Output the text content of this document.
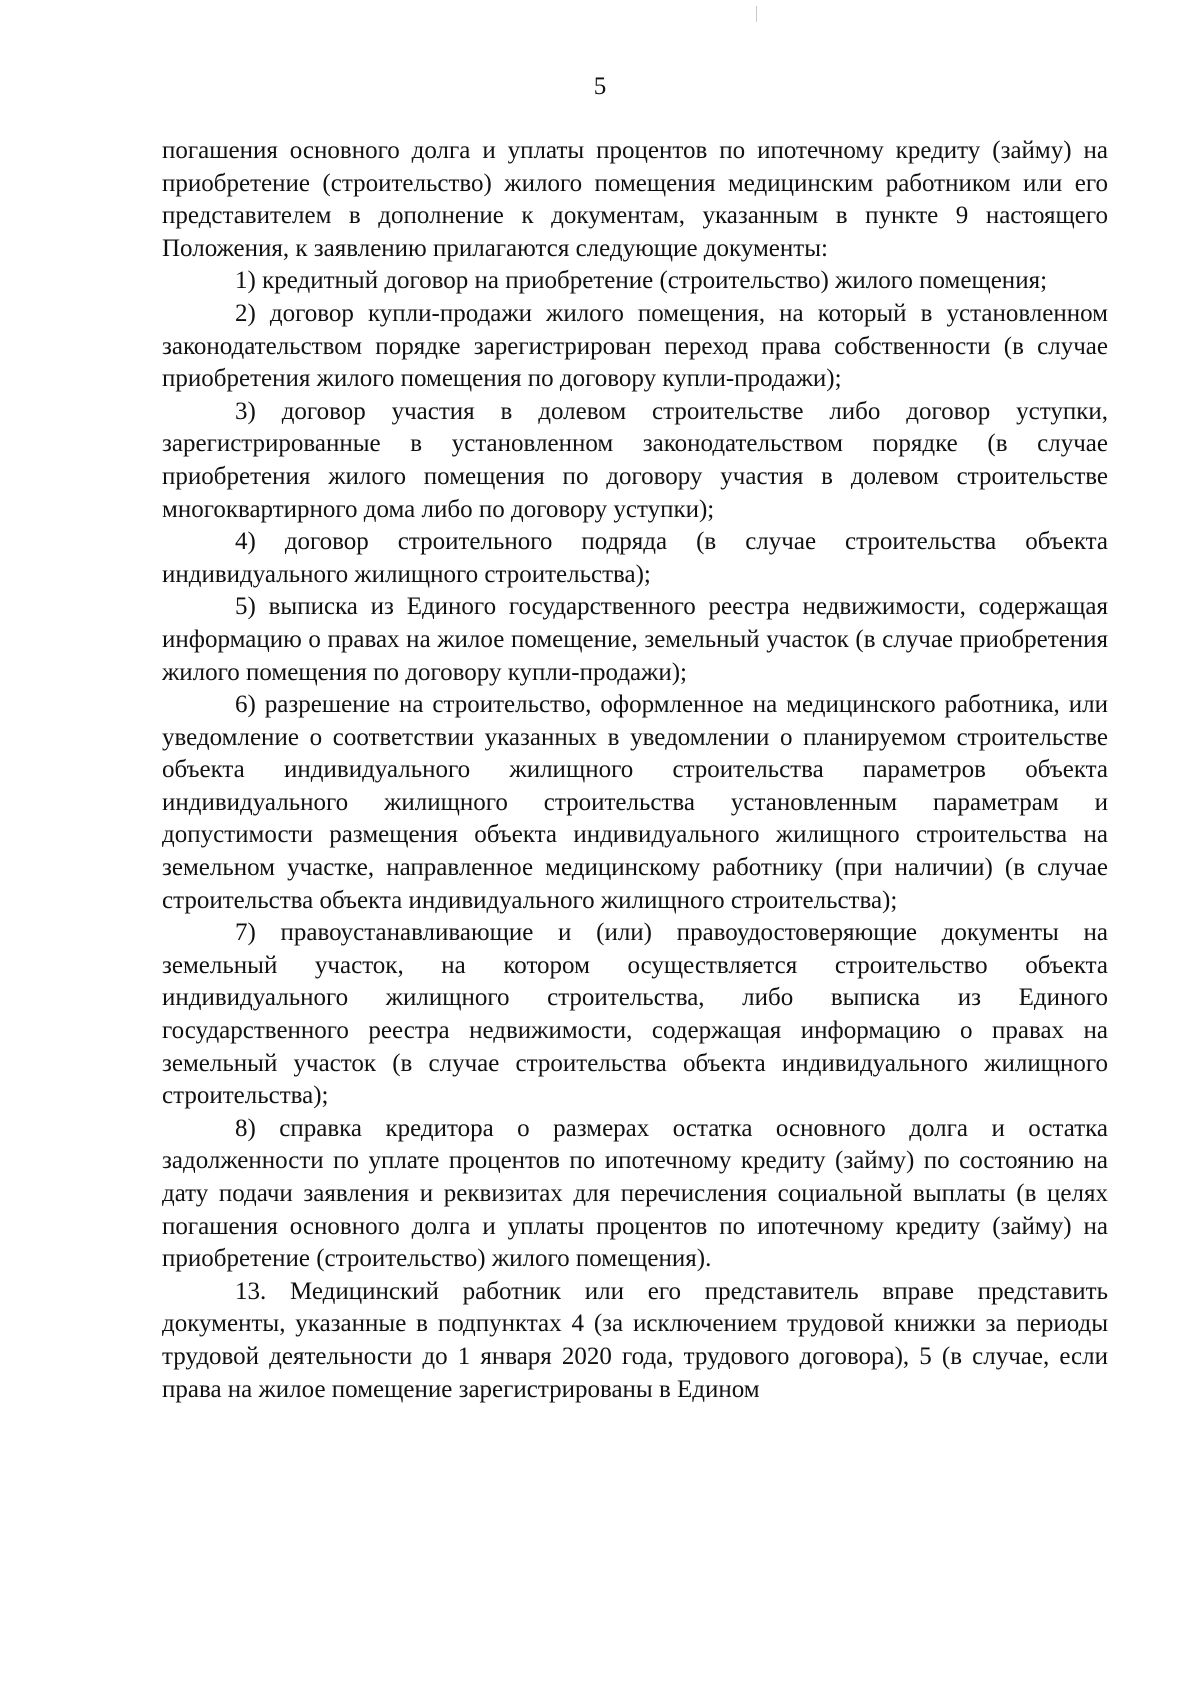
5

погашения основного долга и уплаты процентов по ипотечному кредиту (займу) на приобретение (строительство) жилого помещения медицинским работником или его представителем в дополнение к документам, указанным в пункте 9 настоящего Положения, к заявлению прилагаются следующие документы:

1) кредитный договор на приобретение (строительство) жилого помещения;

2) договор купли-продажи жилого помещения, на который в установленном законодательством порядке зарегистрирован переход права собственности (в случае приобретения жилого помещения по договору купли-продажи);

3) договор участия в долевом строительстве либо договор уступки, зарегистрированные в установленном законодательством порядке (в случае приобретения жилого помещения по договору участия в долевом строительстве многоквартирного дома либо по договору уступки);

4) договор строительного подряда (в случае строительства объекта индивидуального жилищного строительства);

5) выписка из Единого государственного реестра недвижимости, содержащая информацию о правах на жилое помещение, земельный участок (в случае приобретения жилого помещения по договору купли-продажи);

6) разрешение на строительство, оформленное на медицинского работника, или уведомление о соответствии указанных в уведомлении о планируемом строительстве объекта индивидуального жилищного строительства параметров объекта индивидуального жилищного строительства установленным параметрам и допустимости размещения объекта индивидуального жилищного строительства на земельном участке, направленное медицинскому работнику (при наличии) (в случае строительства объекта индивидуального жилищного строительства);

7) правоустанавливающие и (или) правоудостоверяющие документы на земельный участок, на котором осуществляется строительство объекта индивидуального жилищного строительства, либо выписка из Единого государственного реестра недвижимости, содержащая информацию о правах на земельный участок (в случае строительства объекта индивидуального жилищного строительства);

8) справка кредитора о размерах остатка основного долга и остатка задолженности по уплате процентов по ипотечному кредиту (займу) по состоянию на дату подачи заявления и реквизитах для перечисления социальной выплаты (в целях погашения основного долга и уплаты процентов по ипотечному кредиту (займу) на приобретение (строительство) жилого помещения).

13. Медицинский работник или его представитель вправе представить документы, указанные в подпунктах 4 (за исключением трудовой книжки за периоды трудовой деятельности до 1 января 2020 года, трудового договора), 5 (в случае, если права на жилое помещение зарегистрированы в Едином
